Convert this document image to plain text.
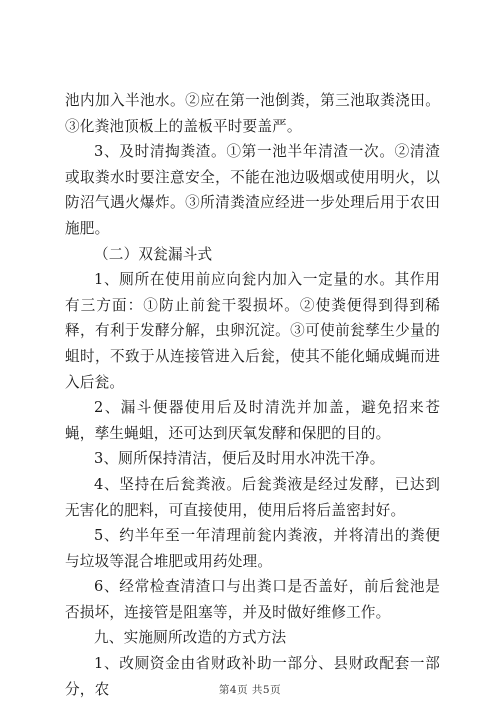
池内加入半池水。②应在第一池倒粪，第三池取粪浇田。③化粪池顶板上的盖板平时要盖严。

3、及时清掏粪渣。①第一池半年清渣一次。②清渣或取粪水时要注意安全，不能在池边吸烟或使用明火，以防沼气遇火爆炸。③所清粪渣应经进一步处理后用于农田施肥。

（二）双瓮漏斗式

1、厕所在使用前应向瓮内加入一定量的水。其作用有三方面：①防止前瓮干裂损坏。②使粪便得到得到稀释，有利于发酵分解，虫卵沉淀。③可使前瓮孳生少量的蛆时，不致于从连接管进入后瓮，使其不能化蛹成蝇而进入后瓮。

2、漏斗便器使用后及时清洗并加盖，避免招来苍蝇，孳生蝇蛆，还可达到厌氧发酵和保肥的目的。

3、厕所保持清洁，便后及时用水冲洗干净。

4、坚持在后瓮粪液。后瓮粪液是经过发酵，已达到无害化的肥料，可直接使用，使用后将后盖密封好。

5、约半年至一年清理前瓮内粪液，并将清出的粪便与垃圾等混合堆肥或用药处理。

6、经常检查清渣口与出粪口是否盖好，前后瓮池是否损坏，连接管是阻塞等，并及时做好维修工作。

九、实施厕所改造的方式方法

1、改厕资金由省财政补助一部分、县财政配套一部分，农	第4页 共5页
